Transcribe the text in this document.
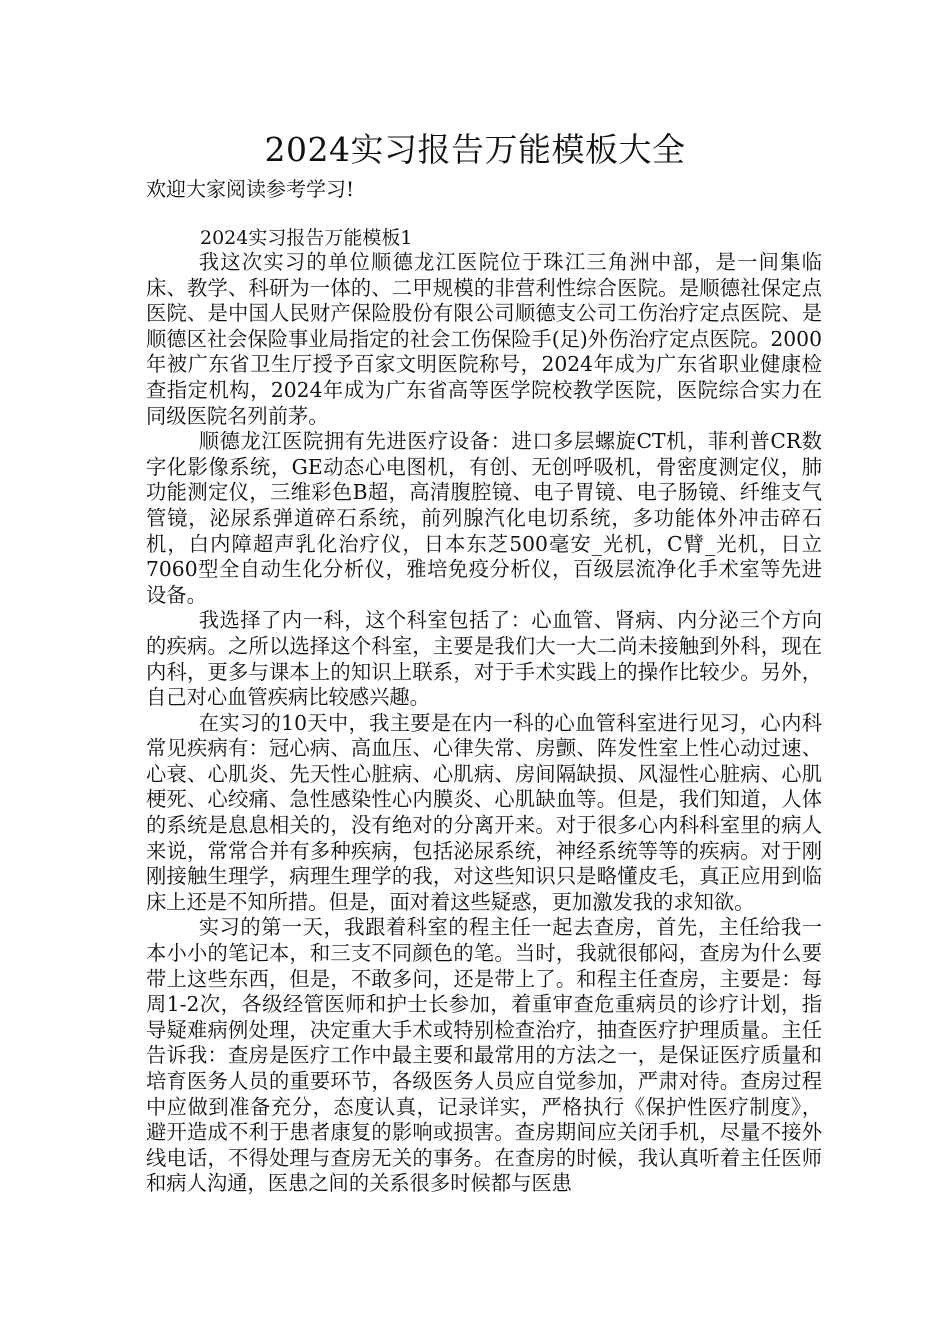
2024实习报告万能模板大全
欢迎大家阅读参考学习!
2024实习报告万能模板1

我这次实习的单位顺德龙江医院位于珠江三角洲中部，是一间集临床、教学、科研为一体的、二甲规模的非营利性综合医院。是顺德社保定点医院、是中国人民财产保险股份有限公司顺德支公司工伤治疗定点医院、是顺德区社会保险事业局指定的社会工伤保险手(足)外伤治疗定点医院。2000年被广东省卫生厅授予百家文明医院称号，2024年成为广东省职业健康检查指定机构，2024年成为广东省高等医学院校教学医院，医院综合实力在同级医院名列前茅。

顺德龙江医院拥有先进医疗设备：进口多层螺旋CT机，菲利普CR数字化影像系统，GE动态心电图机，有创、无创呼吸机，骨密度测定仪，肺功能测定仪，三维彩色B超，高清腹腔镜、电子胃镜、电子肠镜、纤维支气管镜，泌尿系弹道碎石系统，前列腺汽化电切系统，多功能体外冲击碎石机，白内障超声乳化治疗仪，日本东芝500毫安_光机，C臂_光机，日立7060型全自动生化分析仪，雅培免疫分析仪，百级层流净化手术室等先进设备。

我选择了内一科，这个科室包括了：心血管、肾病、内分泌三个方向的疾病。之所以选择这个科室，主要是我们大一大二尚未接触到外科，现在内科，更多与课本上的知识上联系，对于手术实践上的操作比较少。另外，自己对心血管疾病比较感兴趣。

在实习的10天中，我主要是在内一科的心血管科室进行见习，心内科常见疾病有：冠心病、高血压、心律失常、房颤、阵发性室上性心动过速、心衰、心肌炎、先天性心脏病、心肌病、房间隔缺损、风湿性心脏病、心肌梗死、心绞痛、急性感染性心内膜炎、心肌缺血等。但是，我们知道，人体的系统是息息相关的，没有绝对的分离开来。对于很多心内科科室里的病人来说，常常合并有多种疾病，包括泌尿系统，神经系统等等的疾病。对于刚刚接触生理学，病理生理学的我，对这些知识只是略懂皮毛，真正应用到临床上还是不知所措。但是，面对着这些疑惑，更加激发我的求知欲。

实习的第一天，我跟着科室的程主任一起去查房，首先，主任给我一本小小的笔记本，和三支不同颜色的笔。当时，我就很郁闷，查房为什么要带上这些东西，但是，不敢多问，还是带上了。和程主任查房，主要是：每周1-2次，各级经管医师和护士长参加，着重审查危重病员的诊疗计划，指导疑难病例处理，决定重大手术或特别检查治疗，抽查医疗护理质量。主任告诉我：查房是医疗工作中最主要和最常用的方法之一，是保证医疗质量和培育医务人员的重要环节，各级医务人员应自觉参加，严肃对待。查房过程中应做到准备充分，态度认真，记录详实，严格执行《保护性医疗制度》，避开造成不利于患者康复的影响或损害。查房期间应关闭手机，尽量不接外线电话，不得处理与查房无关的事务。在查房的时候，我认真听着主任医师和病人沟通，医患之间的关系很多时候都与医患
